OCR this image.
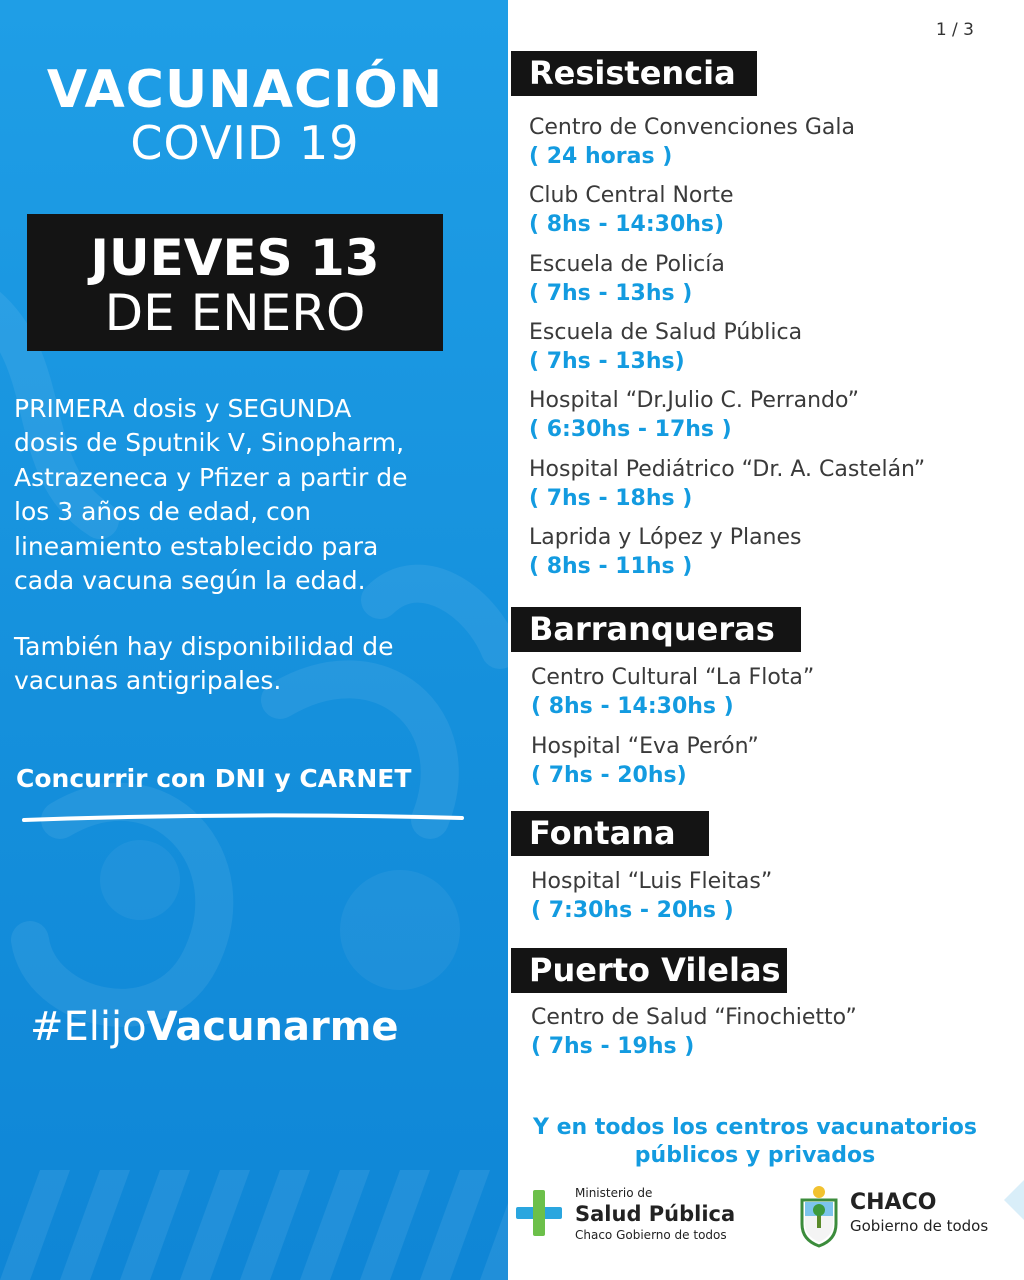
VACUNACIÓN
COVID 19
JUEVES 13
DE ENERO
PRIMERA dosis y SEGUNDA
dosis de Sputnik V, Sinopharm,
Astrazeneca y Pfizer a partir de
los 3 años de edad, con
lineamiento establecido para
cada vacuna según la edad.
También hay disponibilidad de
vacunas antigripales.
Concurrir con DNI y CARNET
#ElijoVacunarme
1 / 3
Resistencia
Centro de Convenciones Gala
( 24 horas )
Club Central Norte
( 8hs - 14:30hs)
Escuela de Policía
( 7hs - 13hs )
Escuela de Salud Pública
( 7hs - 13hs)
Hospital “Dr.Julio C. Perrando”
( 6:30hs - 17hs )
Hospital Pediátrico “Dr. A. Castelán”
( 7hs - 18hs )
Laprida y López y Planes
( 8hs - 11hs )
Barranqueras
Centro Cultural “La Flota”
( 8hs - 14:30hs )
Hospital “Eva Perón”
( 7hs - 20hs)
Fontana
Hospital “Luis Fleitas”
( 7:30hs - 20hs )
Puerto Vilelas
Centro de Salud “Finochietto”
( 7hs - 19hs )
Y en todos los centros vacunatorios
públicos y privados
Ministerio de
Salud Pública
Chaco Gobierno de todos
CHACO
Gobierno de todos
